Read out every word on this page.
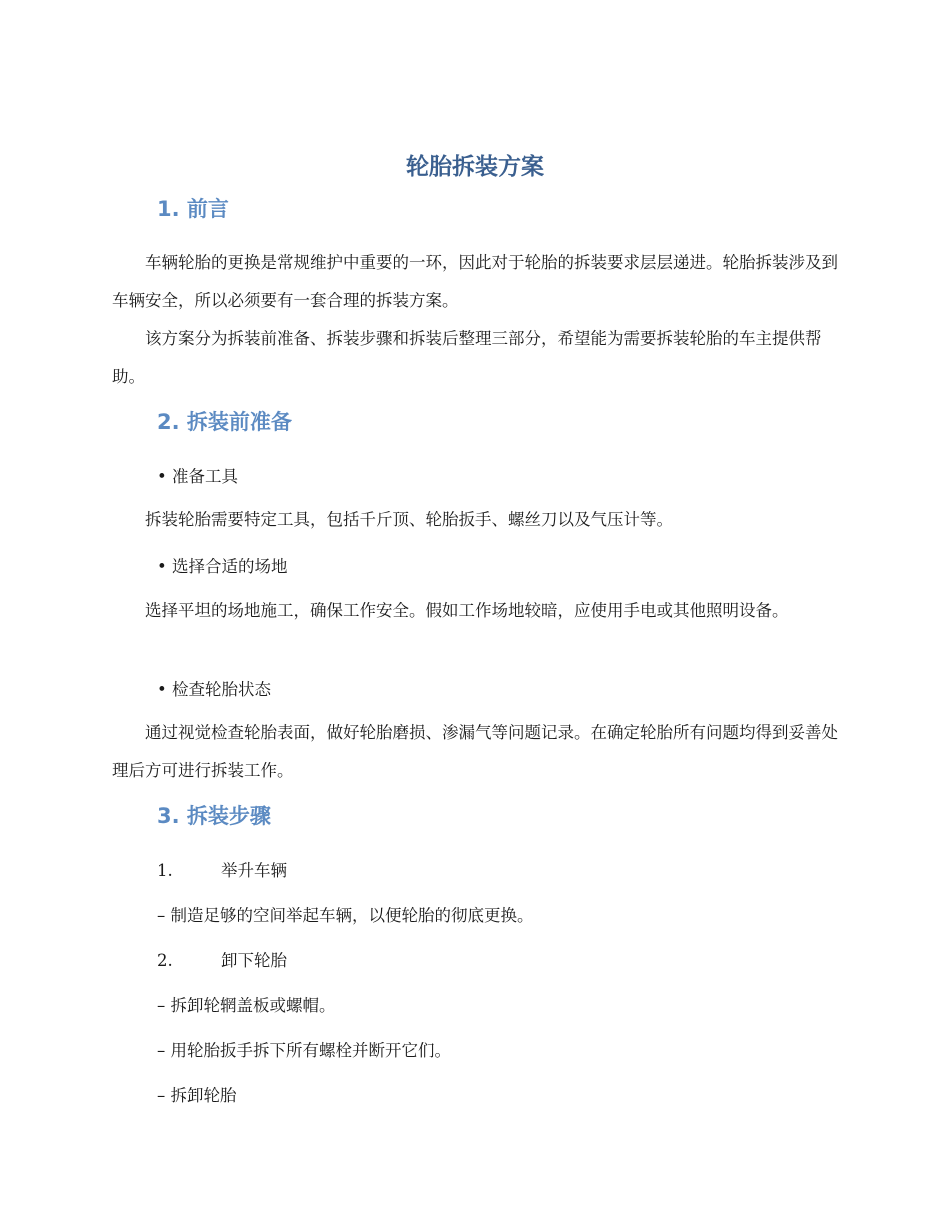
轮胎拆装方案
1. 前言
车辆轮胎的更换是常规维护中重要的一环，因此对于轮胎的拆装要求层层递进。轮胎拆装涉及到车辆安全，所以必须要有一套合理的拆装方案。
该方案分为拆装前准备、拆装步骤和拆装后整理三部分，希望能为需要拆装轮胎的车主提供帮助。
2. 拆装前准备
• 准备工具
拆装轮胎需要特定工具，包括千斤顶、轮胎扳手、螺丝刀以及气压计等。
• 选择合适的场地
选择平坦的场地施工，确保工作安全。假如工作场地较暗，应使用手电或其他照明设备。
• 检查轮胎状态
通过视觉检查轮胎表面，做好轮胎磨损、渗漏气等问题记录。在确定轮胎所有问题均得到妥善处理后方可进行拆装工作。
3. 拆装步骤
1.	举升车辆
– 制造足够的空间举起车辆，以便轮胎的彻底更换。
2.	卸下轮胎
– 拆卸轮辋盖板或螺帽。
– 用轮胎扳手拆下所有螺栓并断开它们。
– 拆卸轮胎
